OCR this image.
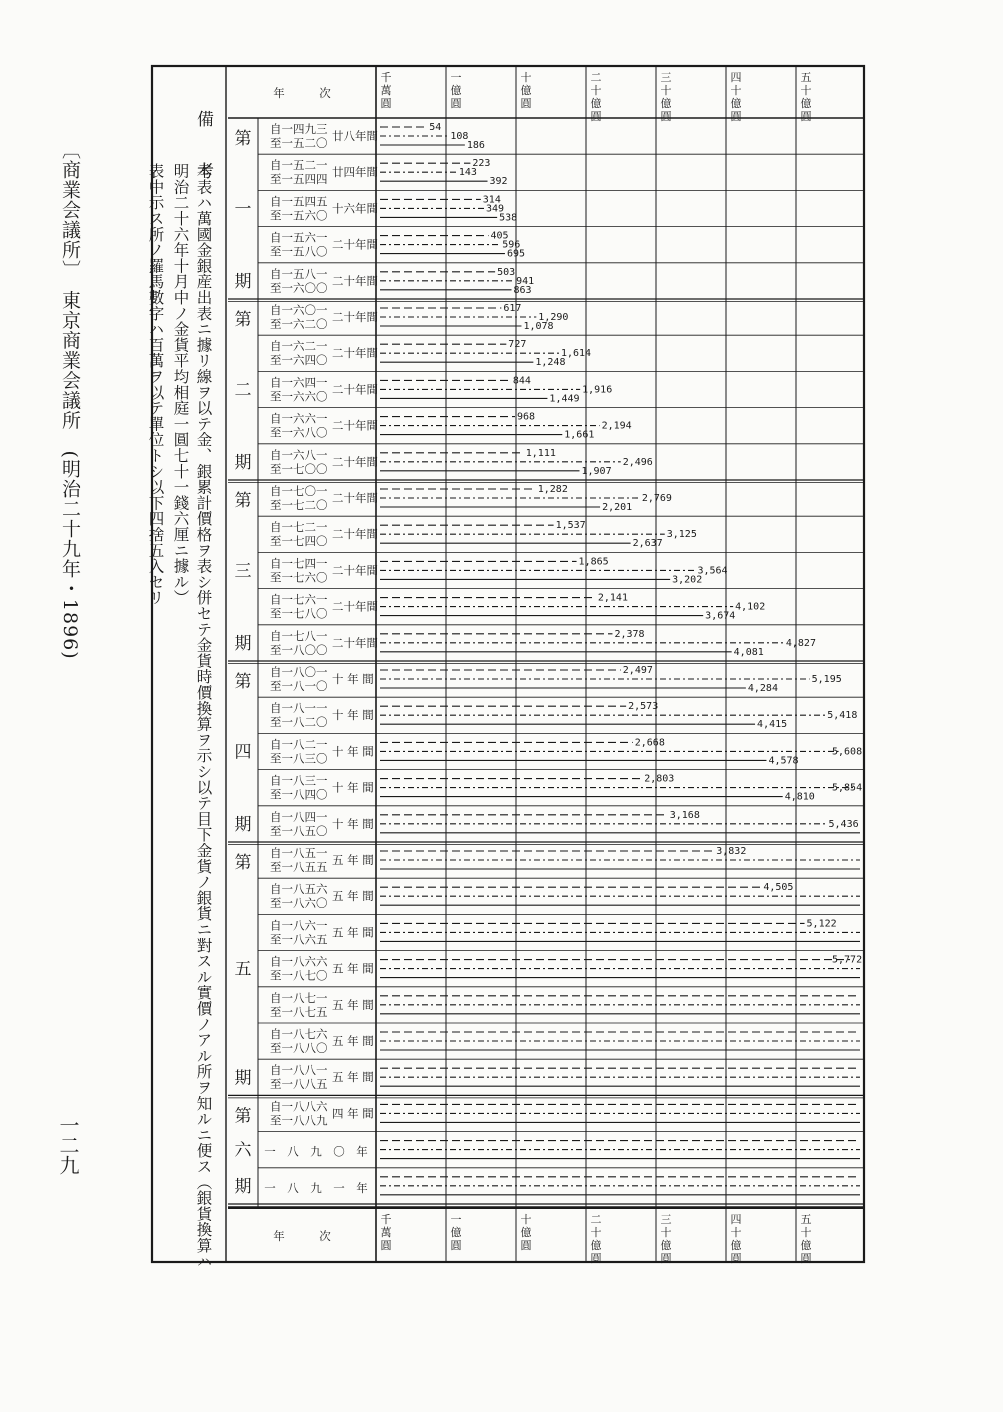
〔商業会議所〕　東京商業会議所　(明治二十九年・1896)
一二九
備　考
本表ハ萬國金銀産出表ニ據リ線ヲ以テ金、銀累計價格ヲ表シ併セテ金貨時價換算ヲ示シ以テ目下金貨ノ銀貨ニ對スル實價ノアル所ヲ知ルニ便ス（銀貨換算ハ
明治二十六年十月中ノ金貨平均相庭一圓七十一錢六厘ニ據ル）
表中示ス所ノ羅馬數字ハ百萬ヲ以テ單位トシ以下四捨五入セリ
千
萬
圓
千
萬
圓
一
億
圓
一
億
圓
十
億
圓
十
億
圓
二
十
億
圓
二
十
億
圓
三
十
億
圓
三
十
億
圓
四
十
億
圓
四
十
億
圓
五
十
億
圓
五
十
億
圓
年　　　次
年　　　次
自一四九三
至一五二〇 廿八年間
54
108
186
自一五二一
至一五四四 廿四年間
223
143
392
自一五四五
至一五六〇 十六年間
314
349
538
自一五六一
至一五八〇 二十年間
405
596
695
自一五八一
至一六〇〇 二十年間
503
941
863
第
一
期
自一六〇一
至一六二〇 二十年間
617
1,290
1,078
自一六二一
至一六四〇 二十年間
727
1,614
1,248
自一六四一
至一六六〇 二十年間
844
1,916
1,449
自一六六一
至一六八〇 二十年間
968
2,194
1,661
自一六八一
至一七〇〇 二十年間
1,111
2,496
1,907
第
二
期
自一七〇一
至一七二〇 二十年間
1,282
2,769
2,201
自一七二一
至一七四〇 二十年間
1,537
3,125
2,637
自一七四一
至一七六〇 二十年間
1,865
3,564
3,202
自一七六一
至一七八〇 二十年間
2,141
4,102
3,674
自一七八一
至一八〇〇 二十年間
2,378
4,827
4,081
第
三
期
自一八〇一
至一八一〇 十 年 間
2,497
5,195
4,284
自一八一一
至一八二〇 十 年 間
2,573
5,418
4,415
自一八二一
至一八三〇 十 年 間
2,668
5,608
4,578
自一八三一
至一八四〇 十 年 間
2,803
5,854
4,810
自一八四一
至一八五〇 十 年 間
3,168
5,436
第
四
期
自一八五一
至一八五五 五 年 間
3,832
自一八五六
至一八六〇 五 年 間
4,505
自一八六一
至一八六五 五 年 間
5,122
自一八六六
至一八七〇 五 年 間
5,772
自一八七一
至一八七五 五 年 間
自一八七六
至一八八〇 五 年 間
自一八八一
至一八八五 五 年 間
第
五
期
自一八八六
至一八八九 四 年 間
一　八　九　〇　年
一　八　九　一　年
第
六
期
